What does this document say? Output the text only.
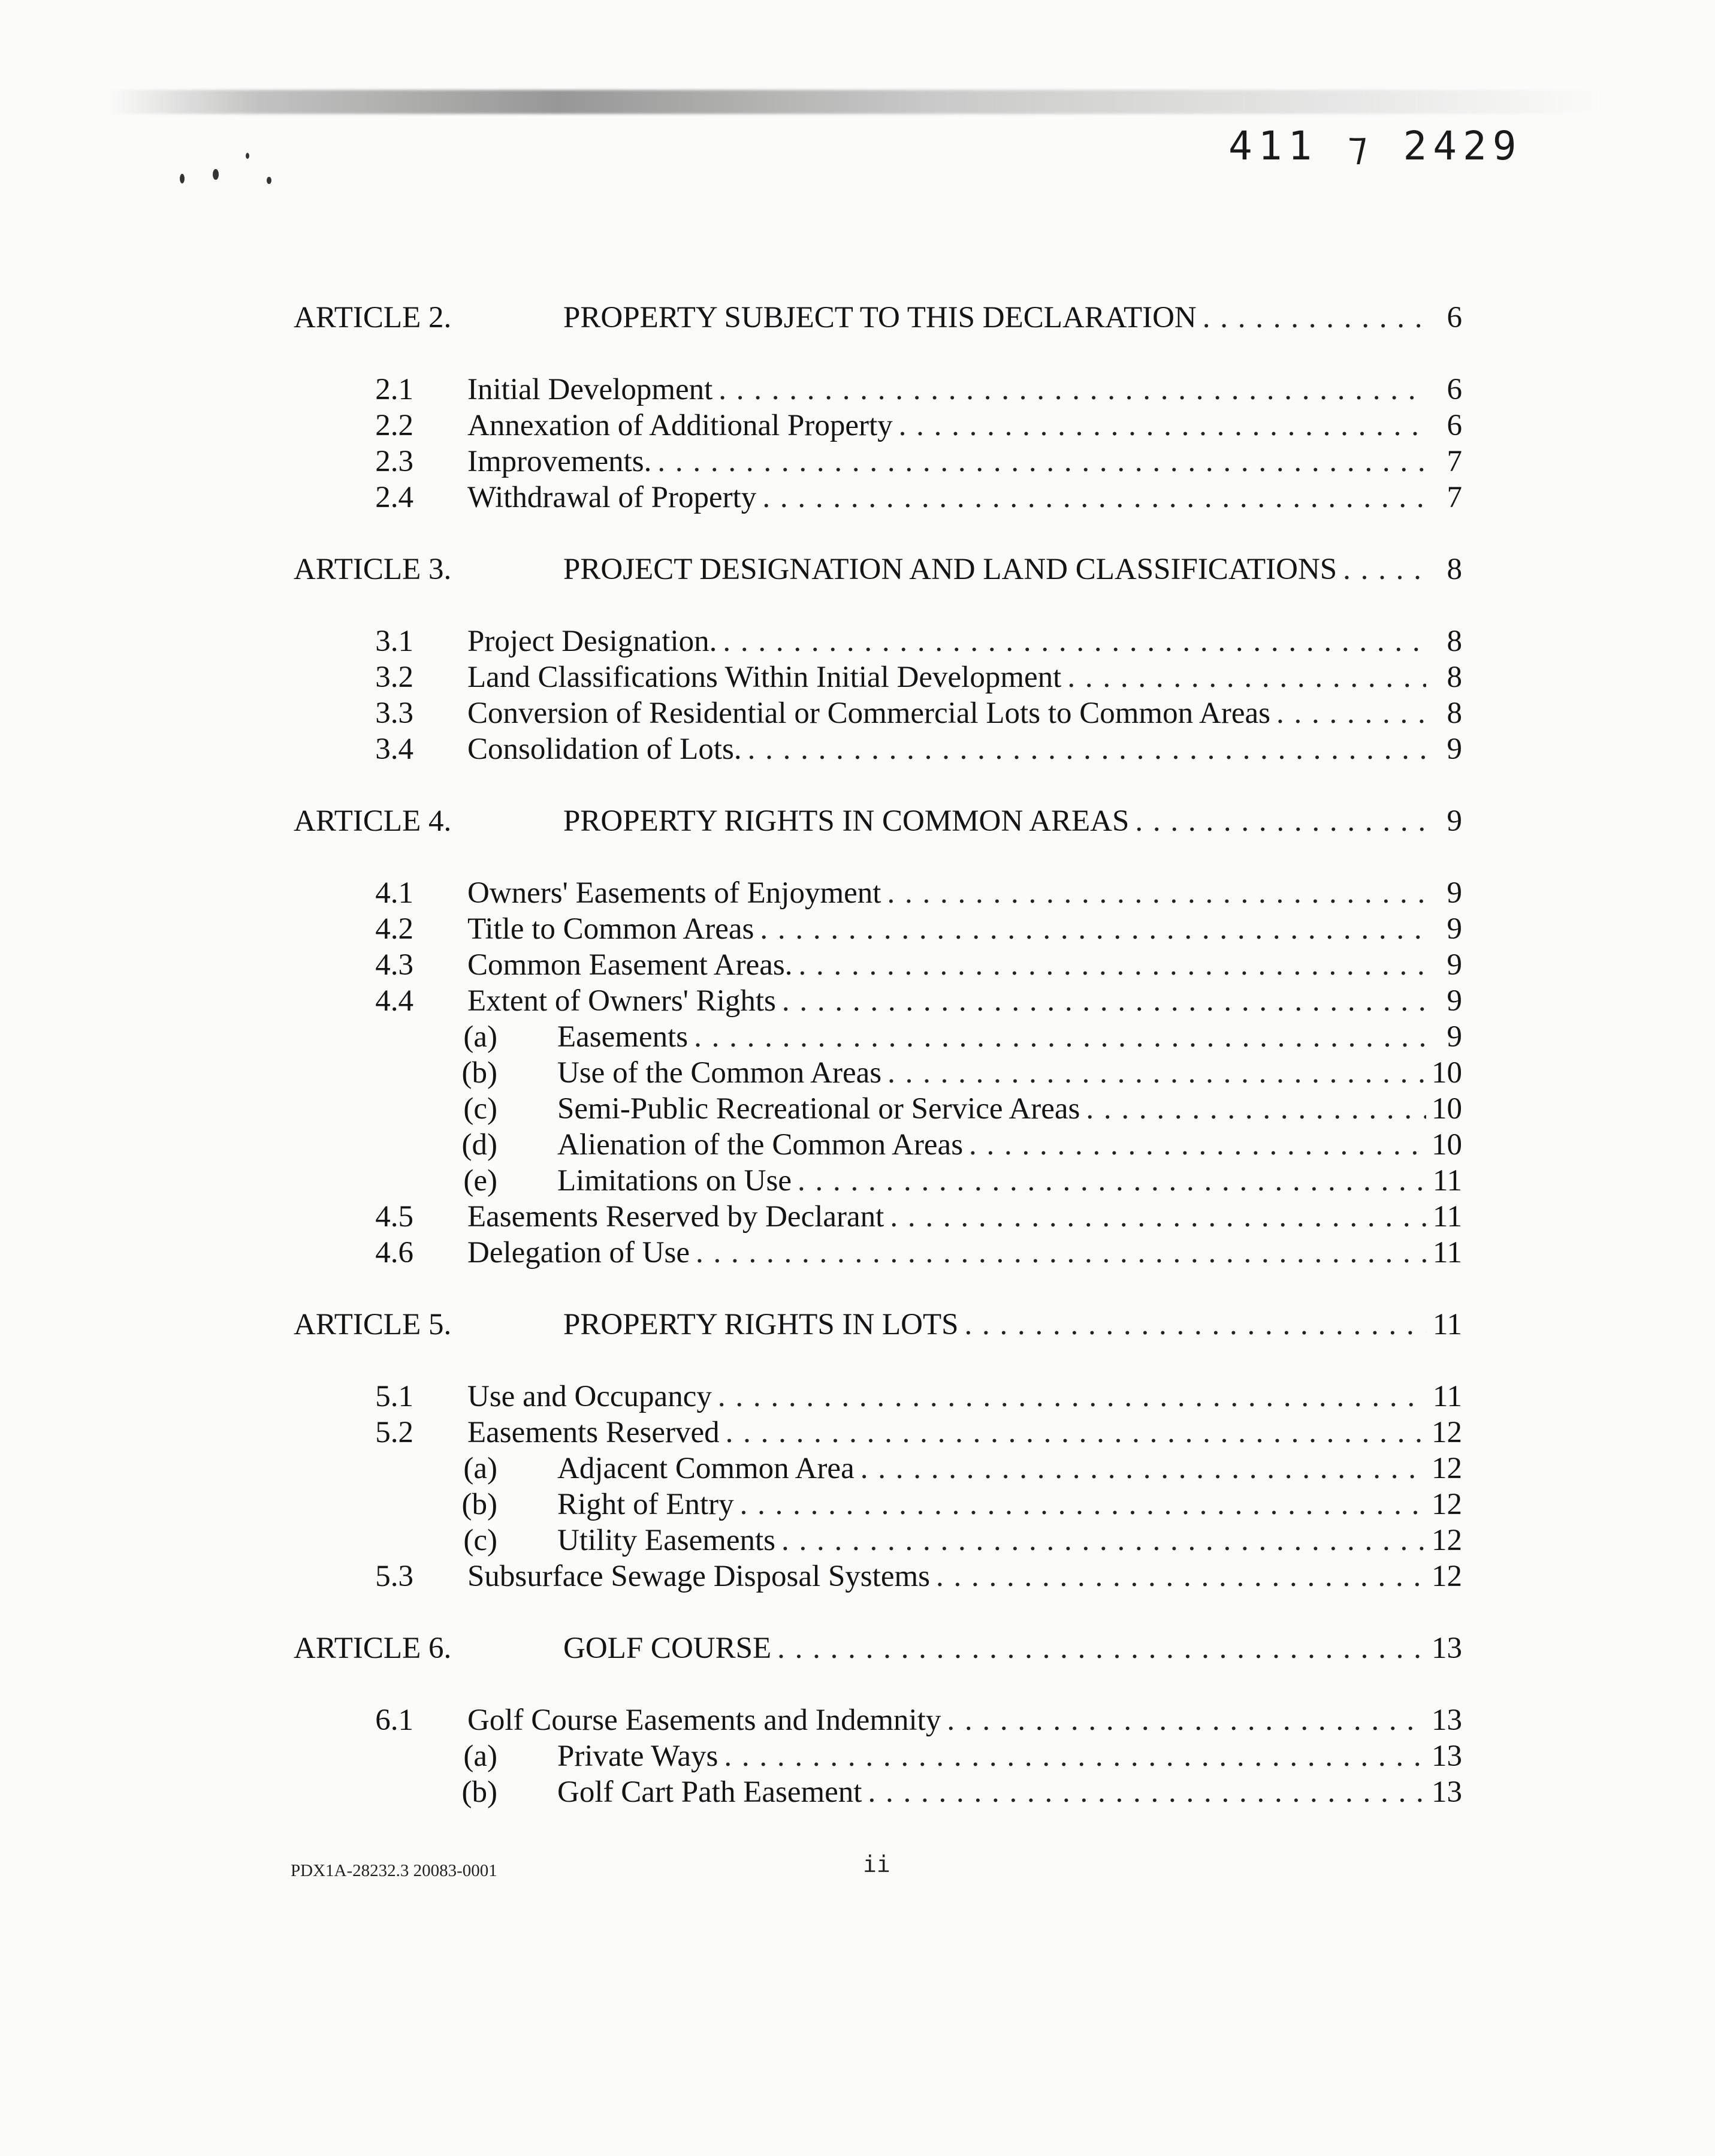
411 ⁊ 2429
ARTICLE 2.	PROPERTY SUBJECT TO THIS DECLARATION . . .	6
2.1 Initial Development . . .	6
2.2 Annexation of Additional Property . . .	6
2.3 Improvements. . . .	7
2.4 Withdrawal of Property . . .	7
ARTICLE 3.	PROJECT DESIGNATION AND LAND CLASSIFICATIONS . . .	8
3.1 Project Designation. . . .	8
3.2 Land Classifications Within Initial Development . . .	8
3.3 Conversion of Residential or Commercial Lots to Common Areas . . .	8
3.4 Consolidation of Lots. . . .	9
ARTICLE 4.	PROPERTY RIGHTS IN COMMON AREAS . . .	9
4.1 Owners' Easements of Enjoyment . . .	9
4.2 Title to Common Areas . . .	9
4.3 Common Easement Areas. . . .	9
4.4 Extent of Owners' Rights . . .	9
(a) Easements . . .	9
(b) Use of the Common Areas . . .	10
(c) Semi-Public Recreational or Service Areas . . .	10
(d) Alienation of the Common Areas . . .	10
(e) Limitations on Use . . .	11
4.5 Easements Reserved by Declarant . . .	11
4.6 Delegation of Use . . .	11
ARTICLE 5.	PROPERTY RIGHTS IN LOTS . . .	11
5.1 Use and Occupancy . . .	11
5.2 Easements Reserved . . .	12
(a) Adjacent Common Area . . .	12
(b) Right of Entry . . .	12
(c) Utility Easements . . .	12
5.3 Subsurface Sewage Disposal Systems . . .	12
ARTICLE 6.	GOLF COURSE . . .	13
6.1 Golf Course Easements and Indemnity . . .	13
(a) Private Ways . . .	13
(b) Golf Cart Path Easement . . .	13
PDX1A-28232.3 20083-0001	ii
